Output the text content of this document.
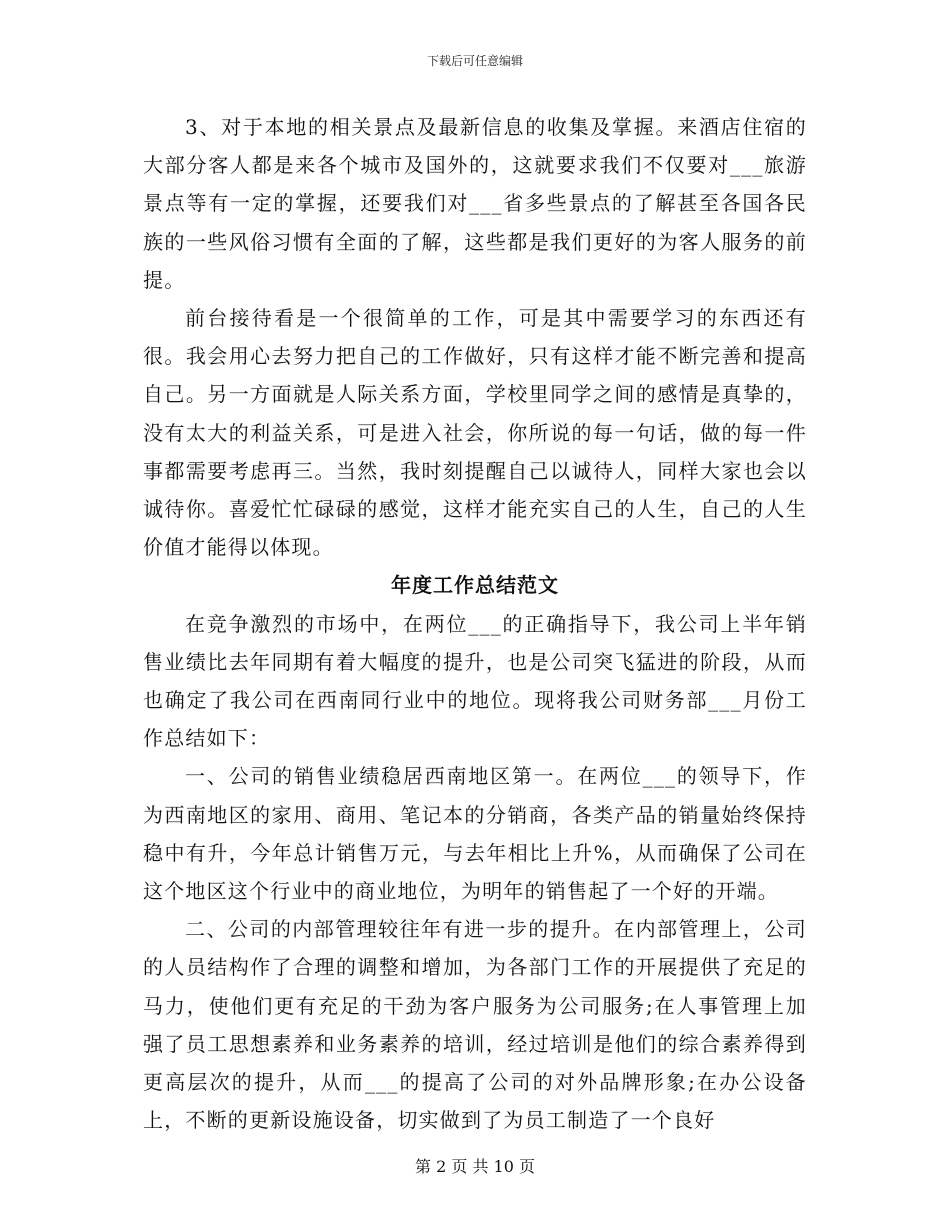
下载后可任意编辑

3、对于本地的相关景点及最新信息的收集及掌握。来酒店住宿的大部分客人都是来各个城市及国外的，这就要求我们不仅要对___旅游景点等有一定的掌握，还要我们对___省多些景点的了解甚至各国各民族的一些风俗习惯有全面的了解，这些都是我们更好的为客人服务的前提。

前台接待看是一个很简单的工作，可是其中需要学习的东西还有很。我会用心去努力把自己的工作做好，只有这样才能不断完善和提高自己。另一方面就是人际关系方面，学校里同学之间的感情是真挚的，没有太大的利益关系，可是进入社会，你所说的每一句话，做的每一件事都需要考虑再三。当然，我时刻提醒自己以诚待人，同样大家也会以诚待你。喜爱忙忙碌碌的感觉，这样才能充实自己的人生，自己的人生价值才能得以体现。

年度工作总结范文

在竞争激烈的市场中，在两位___的正确指导下，我公司上半年销售业绩比去年同期有着大幅度的提升，也是公司突飞猛进的阶段，从而也确定了我公司在西南同行业中的地位。现将我公司财务部___月份工作总结如下：

一、公司的销售业绩稳居西南地区第一。在两位___的领导下，作为西南地区的家用、商用、笔记本的分销商，各类产品的销量始终保持稳中有升，今年总计销售万元，与去年相比上升%，从而确保了公司在这个地区这个行业中的商业地位，为明年的销售起了一个好的开端。

二、公司的内部管理较往年有进一步的提升。在内部管理上，公司的人员结构作了合理的调整和增加，为各部门工作的开展提供了充足的马力，使他们更有充足的干劲为客户服务为公司服务;在人事管理上加强了员工思想素养和业务素养的培训，经过培训是他们的综合素养得到更高层次的提升，从而___的提高了公司的对外品牌形象;在办公设备上，不断的更新设施设备，切实做到了为员工制造了一个良好

第 2 页 共 10 页
